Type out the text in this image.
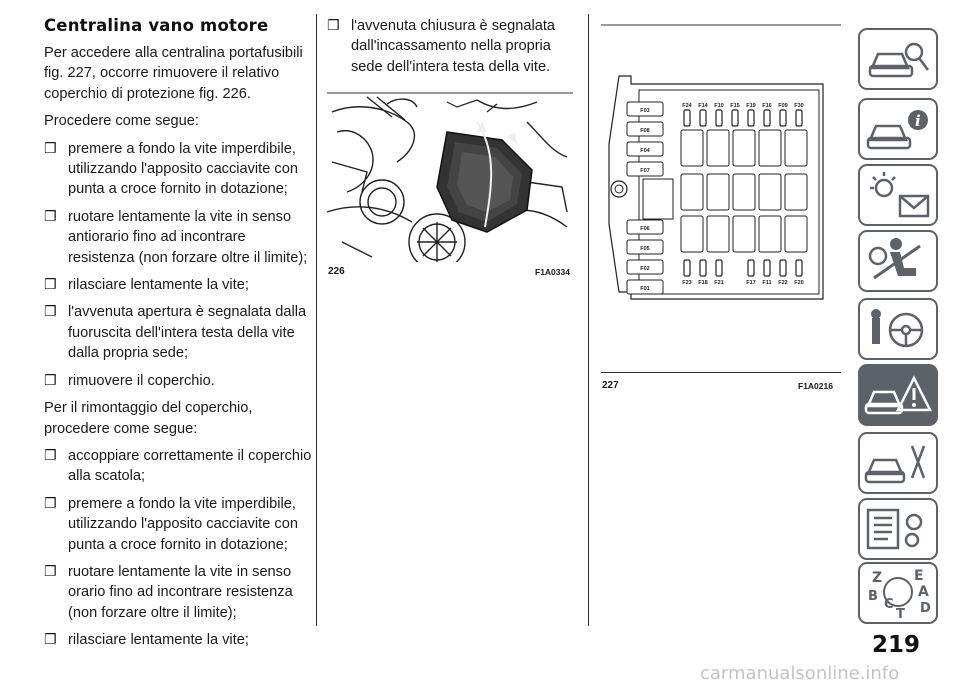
Centralina vano motore

Per accedere alla centralina portafusibili fig. 227, occorre rimuovere il relativo coperchio di protezione fig. 226.

Procedere come segue:

❒ premere a fondo la vite imperdibile, utilizzando l'apposito cacciavite con punta a croce fornito in dotazione;
❒ ruotare lentamente la vite in senso antiorario fino ad incontrare resistenza (non forzare oltre il limite);
❒ rilasciare lentamente la vite;
❒ l'avvenuta apertura è segnalata dalla fuoruscita dell'intera testa della vite dalla propria sede;
❒ rimuovere il coperchio.

Per il rimontaggio del coperchio, procedere come segue:

❒ accoppiare correttamente il coperchio alla scatola;
❒ premere a fondo la vite imperdibile, utilizzando l'apposito cacciavite con punta a croce fornito in dotazione;
❒ ruotare lentamente la vite in senso orario fino ad incontrare resistenza (non forzare oltre il limite);
❒ rilasciare lentamente la vite;
❒ l'avvenuta chiusura è segnalata dall'incassamento nella propria sede dell'intera testa della vite.
226	F1A0334
F03
F08
F04
F07
F06
F05
F02
F01
F24 F14 F10 F15 F19 F16 F09 F30
F23 F18 F21	F17 F11 F22 F20
227	F1A0216
i
Z E
B	A
C
T D
219
carmanualsonline.info
